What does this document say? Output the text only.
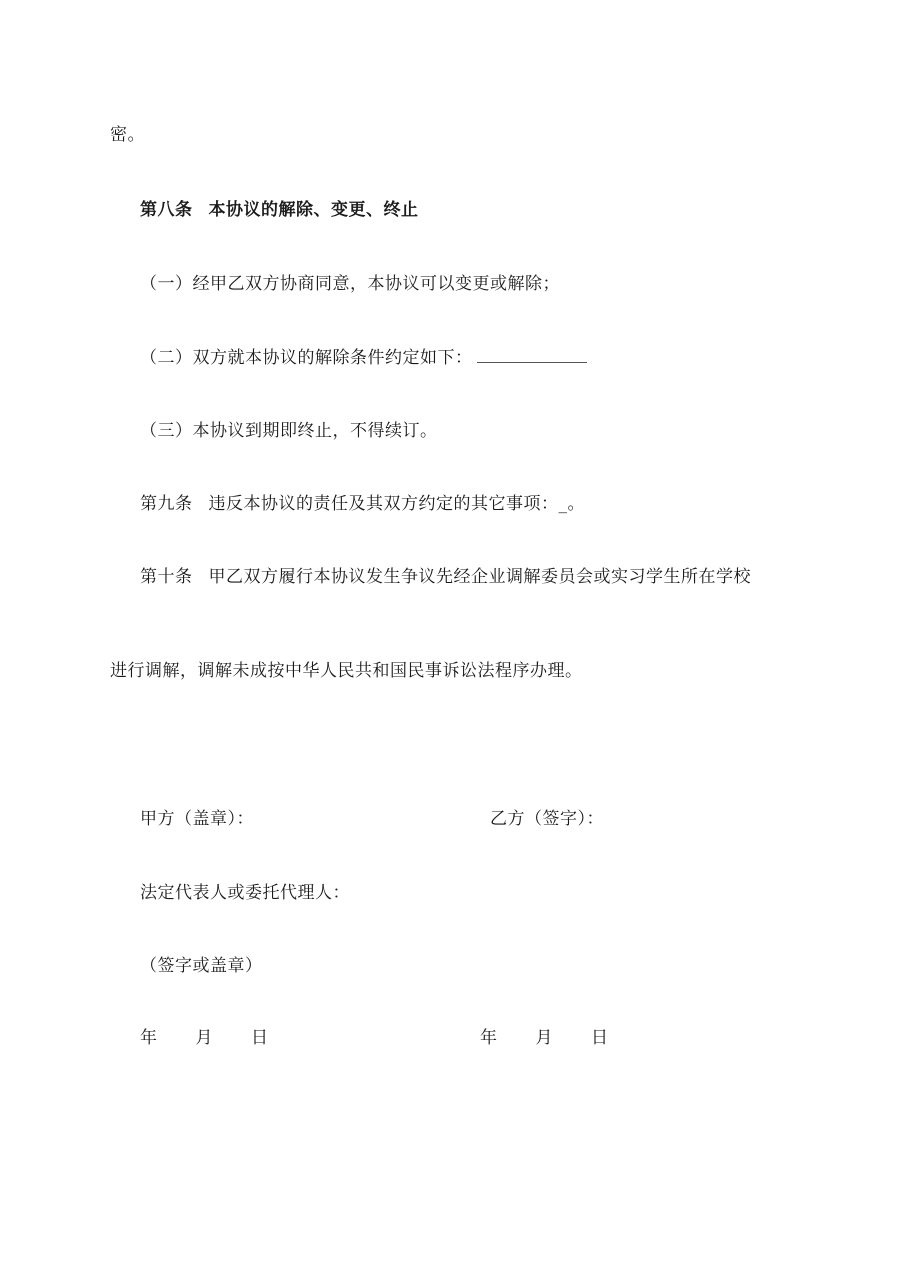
密。
第八条 本协议的解除、变更、终止
（一）经甲乙双方协商同意，本协议可以变更或解除；
（二）双方就本协议的解除条件约定如下：
（三）本协议到期即终止，不得续订。
第九条 违反本协议的责任及其双方约定的其它事项：_。
第十条 甲乙双方履行本协议发生争议先经企业调解委员会或实习学生所在学校
进行调解，调解未成按中华人民共和国民事诉讼法程序办理。
甲方（盖章）：	乙方（签字）：
法定代表人或委托代理人：
（签字或盖章）
年 月 日	年 月 日
